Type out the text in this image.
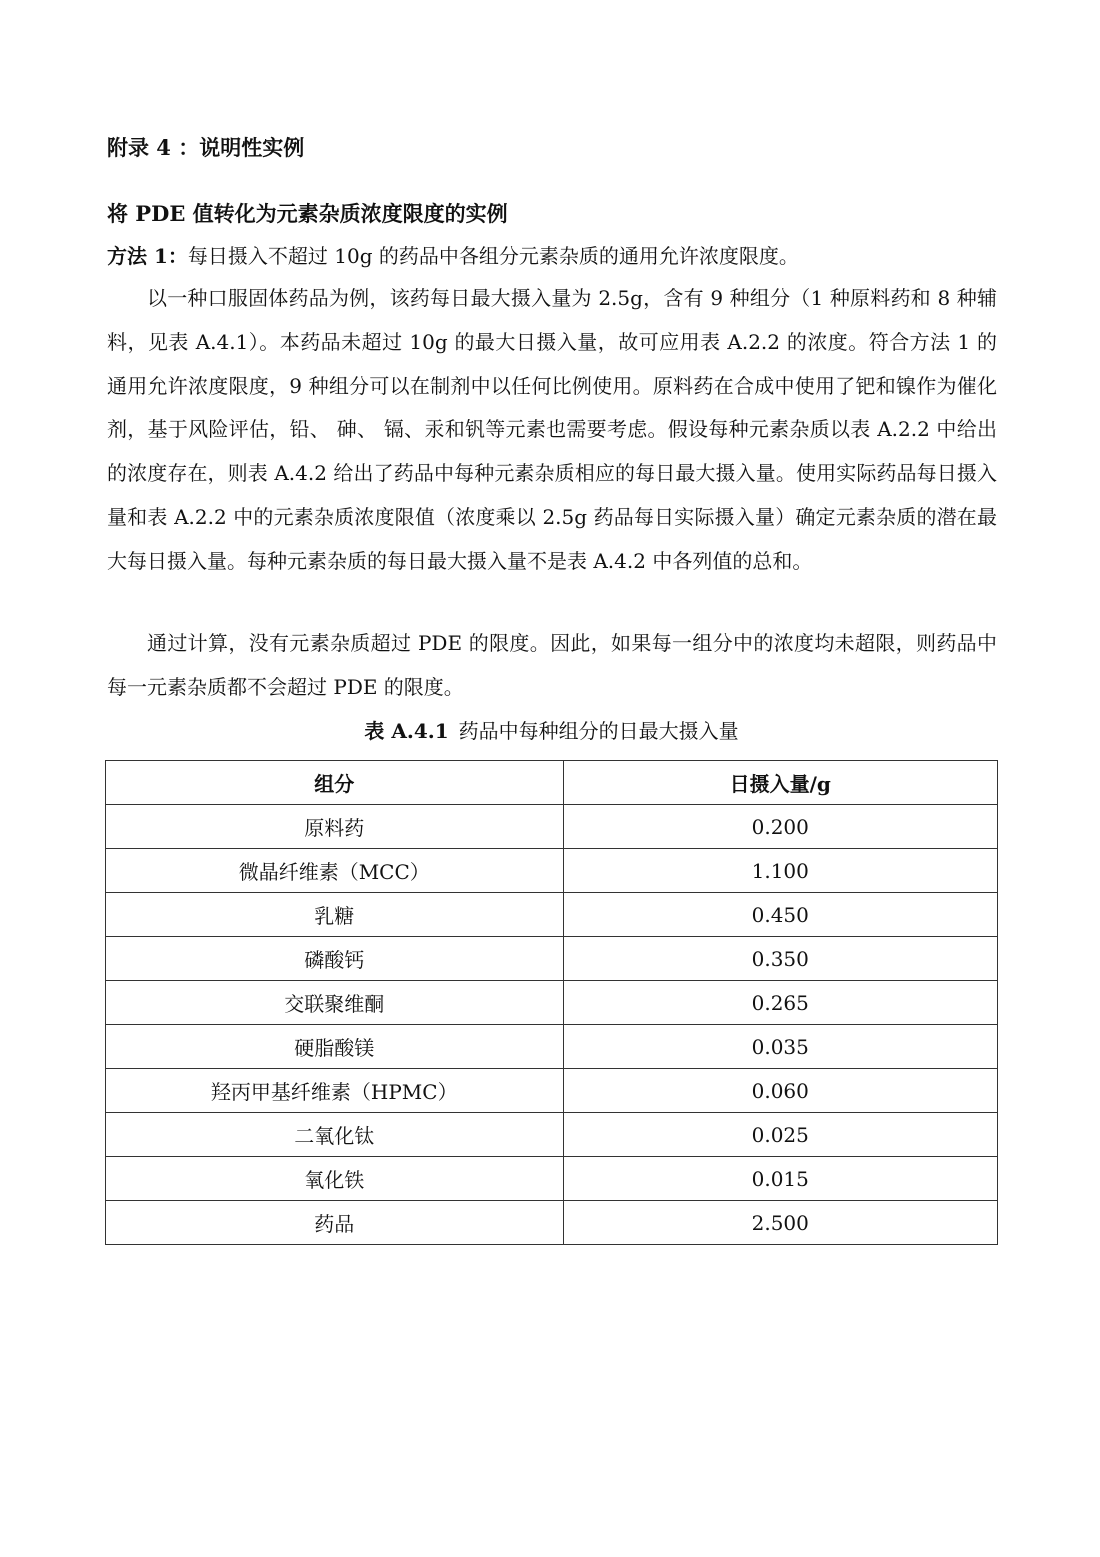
附录 4 ：说明性实例
将 PDE 值转化为元素杂质浓度限度的实例
方法 1：每日摄入不超过 10g 的药品中各组分元素杂质的通用允许浓度限度。

以一种口服固体药品为例，该药每日最大摄入量为 2.5g，含有 9 种组分（1 种原料药和 8 种辅料，见表 A.4.1）。本药品未超过 10g 的最大日摄入量，故可应用表 A.2.2 的浓度。符合方法 1 的通用允许浓度限度，9 种组分可以在制剂中以任何比例使用。原料药在合成中使用了钯和镍作为催化剂，基于风险评估，铅、 砷、 镉、汞和钒等元素也需要考虑。假设每种元素杂质以表 A.2.2 中给出的浓度存在，则表 A.4.2 给出了药品中每种元素杂质相应的每日最大摄入量。使用实际药品每日摄入量和表 A.2.2 中的元素杂质浓度限值（浓度乘以 2.5g 药品每日实际摄入量）确定元素杂质的潜在最大每日摄入量。每种元素杂质的每日最大摄入量不是表 A.4.2 中各列值的总和。

通过计算，没有元素杂质超过 PDE 的限度。因此，如果每一组分中的浓度均未超限，则药品中每一元素杂质都不会超过 PDE 的限度。

表 A.4.1 药品中每种组分的日最大摄入量
组分	日摄入量/g
原料药	0.200
微晶纤维素（MCC）	1.100
乳糖	0.450
磷酸钙	0.350
交联聚维酮	0.265
硬脂酸镁	0.035
羟丙甲基纤维素（HPMC）	0.060
二氧化钛	0.025
氧化铁	0.015
药品	2.500
